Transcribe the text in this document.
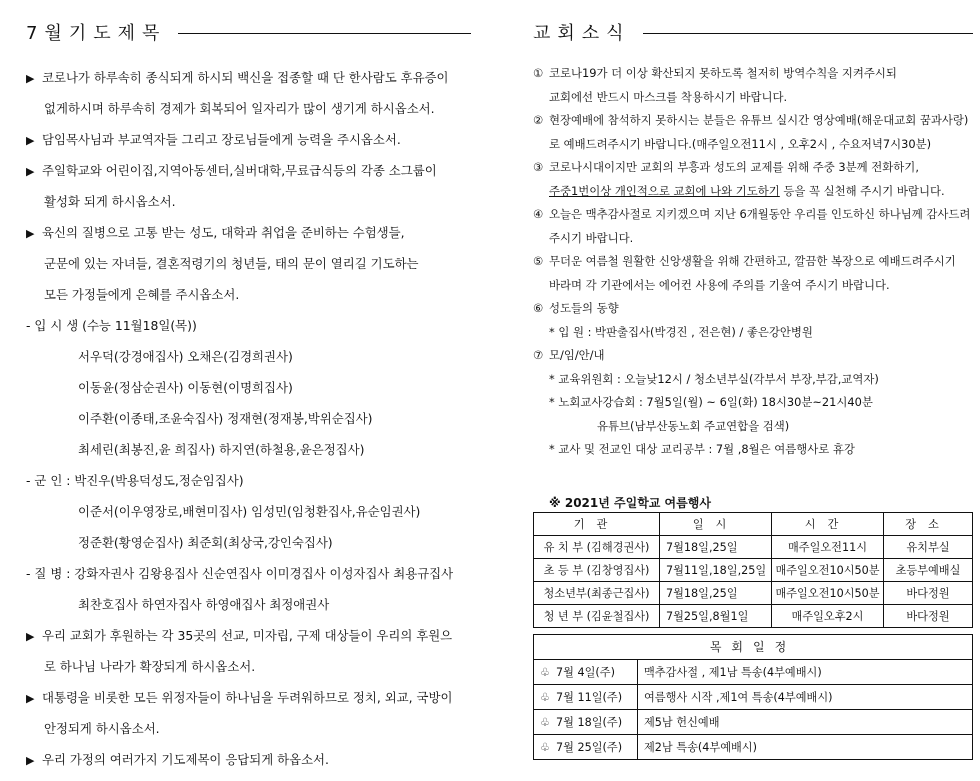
7월기도제목
▶ 코로나가 하루속히 종식되게 하시되 백신을 접종할 때 단 한사람도 후유증이
없게하시며 하루속히 경제가 회복되어 일자리가 많이 생기게 하시옵소서.
▶ 담임목사님과 부교역자들 그리고 장로님들에게 능력을 주시옵소서.
▶ 주일학교와 어린이집,지역아동센터,실버대학,무료급식등의 각종 소그룹이
활성화 되게 하시옵소서.
▶ 육신의 질병으로 고통 받는 성도, 대학과 취업을 준비하는 수험생들,
군문에 있는 자녀들, 결혼적령기의 청년들, 태의 문이 열리길 기도하는
모든 가정들에게 은혜를 주시옵소서.
- 입 시 생 (수능 11월18일(목))
서우덕(강경애집사) 오채은(김경희권사)
이동윤(정삼순권사) 이동현(이명희집사)
이주환(이종태,조윤숙집사) 정재현(정재봉,박위순집사)
최세린(최봉진,윤 희집사) 하지연(하철용,윤은정집사)
- 군 인 : 박진우(박용덕성도,정순임집사)
이준서(이우영장로,배현미집사) 임성민(임청환집사,유순임권사)
정준환(황영순집사) 최준회(최상국,강인숙집사)
- 질 병 : 강화자권사 김왕용집사 신순연집사 이미경집사 이성자집사 최용규집사
최찬호집사 하연자집사 하영애집사 최정애권사
▶ 우리 교회가 후원하는 각 35곳의 선교, 미자립, 구제 대상들이 우리의 후원으
로 하나님 나라가 확장되게 하시옵소서.
▶ 대통령을 비롯한 모든 위정자들이 하나님을 두려워하므로 정치, 외교, 국방이
안정되게 하시옵소서.
▶ 우리 가정의 여러가지 기도제목이 응답되게 하옵소서.
교회소식
① 코로나19가 더 이상 확산되지 못하도록 철저히 방역수칙을 지켜주시되
교회에선 반드시 마스크를 착용하시기 바랍니다.
② 현장예배에 참석하지 못하시는 분들은 유튜브 실시간 영상예배(해운대교회 꿈과사랑)
로 예배드려주시기 바랍니다.(매주일오전11시 , 오후2시 , 수요저녁7시30분)
③ 코로나시대이지만 교회의 부흥과 성도의 교제를 위해 주중 3분께 전화하기,
주중1번이상 개인적으로 교회에 나와 기도하기 등을 꼭 실천해 주시기 바랍니다.
④ 오늘은 맥추감사절로 지키겠으며 지난 6개월동안 우리를 인도하신 하나님께 감사드려
주시기 바랍니다.
⑤ 무더운 여름철 원활한 신앙생활을 위해 간편하고, 깔끔한 복장으로 예배드려주시기
바라며 각 기관에서는 에어컨 사용에 주의를 기울여 주시기 바랍니다.
⑥ 성도들의 동향
* 입 원 : 박판출집사(박경진 , 전은현) / 좋은강안병원
⑦ 모/임/안/내
* 교육위원회 : 오늘낮12시 / 청소년부실(각부서 부장,부감,교역자)
* 노회교사강습회 : 7월5일(월) ~ 6일(화) 18시30분~21시40분
유튜브(남부산동노회 주교연합을 검색)
* 교사 및 전교인 대상 교리공부 : 7월 ,8월은 여름행사로 휴강
※ 2021년 주일학교 여름행사
기관	일시	시간	장소
유 치 부 (김해경권사)	7월18일,25일	매주일오전11시	유치부실
초 등 부 (김창영집사)	7월11일,18일,25일	매주일오전10시50분	초등부예배실
청소년부(최종근집사)	7월18일,25일	매주일오전10시50분	바다정원
청 년 부 (김윤철집사)	7월25일,8월1일	매주일오후2시	바다정원
목회일정	
♧ 7월 4일(주)	맥추감사절 , 제1남 특송(4부예배시)
♧ 7월 11일(주)	여름행사 시작 ,제1여 특송(4부예배시)
♧ 7월 18일(주)	제5남 헌신예배
♧ 7월 25일(주)	제2남 특송(4부예배시)
